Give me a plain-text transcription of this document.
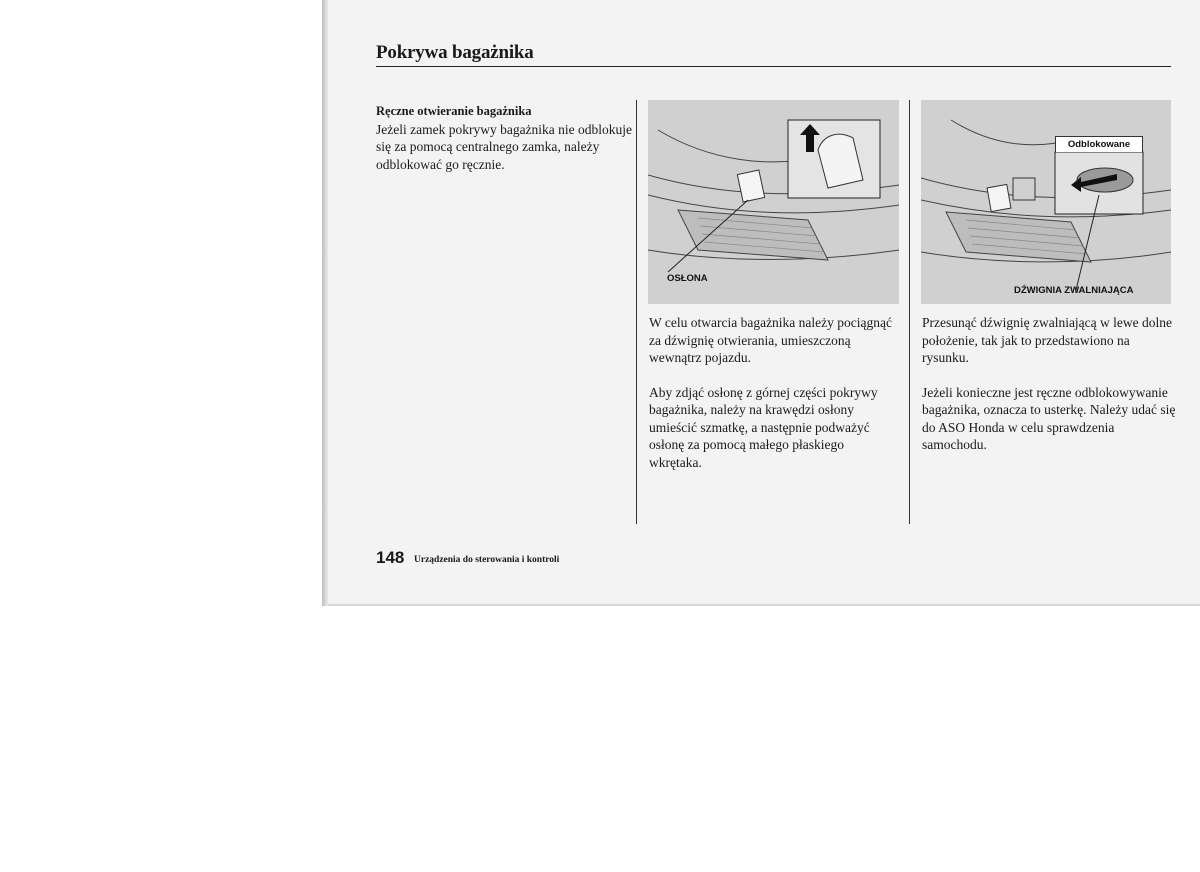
Pokrywa bagażnika

Ręczne otwieranie bagażnika

Jeżeli zamek pokrywy bagażnika nie odblokuje się za pomocą centralnego zamka, należy odblokować go ręcznie.

OSŁONA
Odblokowane
DŹWIGNIA ZWALNIAJĄCA

W celu otwarcia bagażnika należy pociągnąć za dźwignię otwierania, umieszczoną wewnątrz pojazdu.

Aby zdjąć osłonę z górnej części pokrywy bagażnika, należy na krawędzi osłony umieścić szmatkę, a następnie podważyć osłonę za pomocą małego płaskiego wkrętaka.

Przesunąć dźwignię zwalniającą w lewe dolne położenie, tak jak to przedstawiono na rysunku.

Jeżeli konieczne jest ręczne odblokowywanie bagażnika, oznacza to usterkę. Należy udać się do ASO Honda w celu sprawdzenia samochodu.

148 Urządzenia do sterowania i kontroli
